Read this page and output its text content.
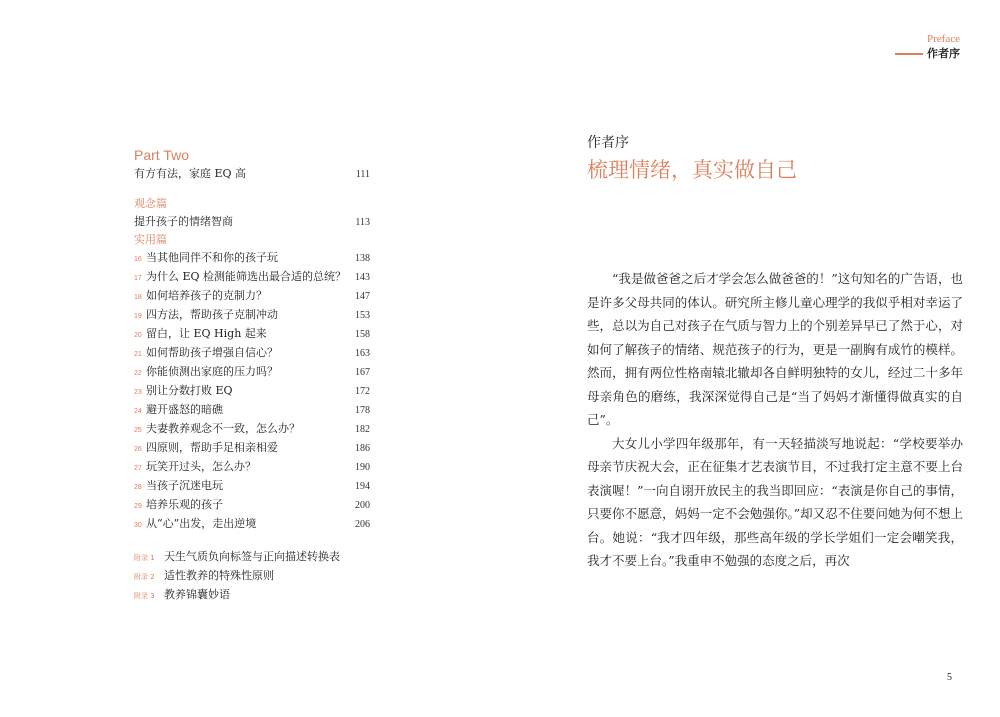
Preface
作者序
Part Two
有方有法，家庭 EQ 高	111
观念篇
提升孩子的情绪智商	113
实用篇
16 当其他同伴不和你的孩子玩	138
17 为什么 EQ 检测能筛选出最合适的总统？ 143
18 如何培养孩子的克制力？	147
19 四方法，帮助孩子克制冲动	153
20 留白，让 EQ High 起来	158
21 如何帮助孩子增强自信心？	163
22 你能侦测出家庭的压力吗？	167
23 别让分数打败 EQ	172
24 避开盛怒的暗礁	178
25 夫妻教养观念不一致，怎么办？	182
26 四原则，帮助手足相亲相爱	186
27 玩笑开过头，怎么办？	190
28 当孩子沉迷电玩	194
29 培养乐观的孩子	200
30 从“心”出发，走出逆境	206
附录 1 天生气质负向标签与正向描述转换表
附录 2 适性教养的特殊性原则
附录 3 教养锦囊妙语
作者序
梳理情绪，真实做自己

“我是做爸爸之后才学会怎么做爸爸的！”这句知名的广告语，也是许多父母共同的体认。研究所主修儿童心理学的我似乎相对幸运了些，总以为自己对孩子在气质与智力上的个别差异早已了然于心，对如何了解孩子的情绪、规范孩子的行为，更是一副胸有成竹的模样。然而，拥有两位性格南辕北辙却各自鲜明独特的女儿，经过二十多年母亲角色的磨练，我深深觉得自己是“当了妈妈才渐懂得做真实的自己”。

大女儿小学四年级那年，有一天轻描淡写地说起：“学校要举办母亲节庆祝大会，正在征集才艺表演节目，不过我打定主意不要上台表演喔！”一向自诩开放民主的我当即回应：“表演是你自己的事情，只要你不愿意，妈妈一定不会勉强你。”却又忍不住要问她为何不想上台。她说：“我才四年级，那些高年级的学长学姐们一定会嘲笑我，我才不要上台。”我重申不勉强的态度之后，再次

5
